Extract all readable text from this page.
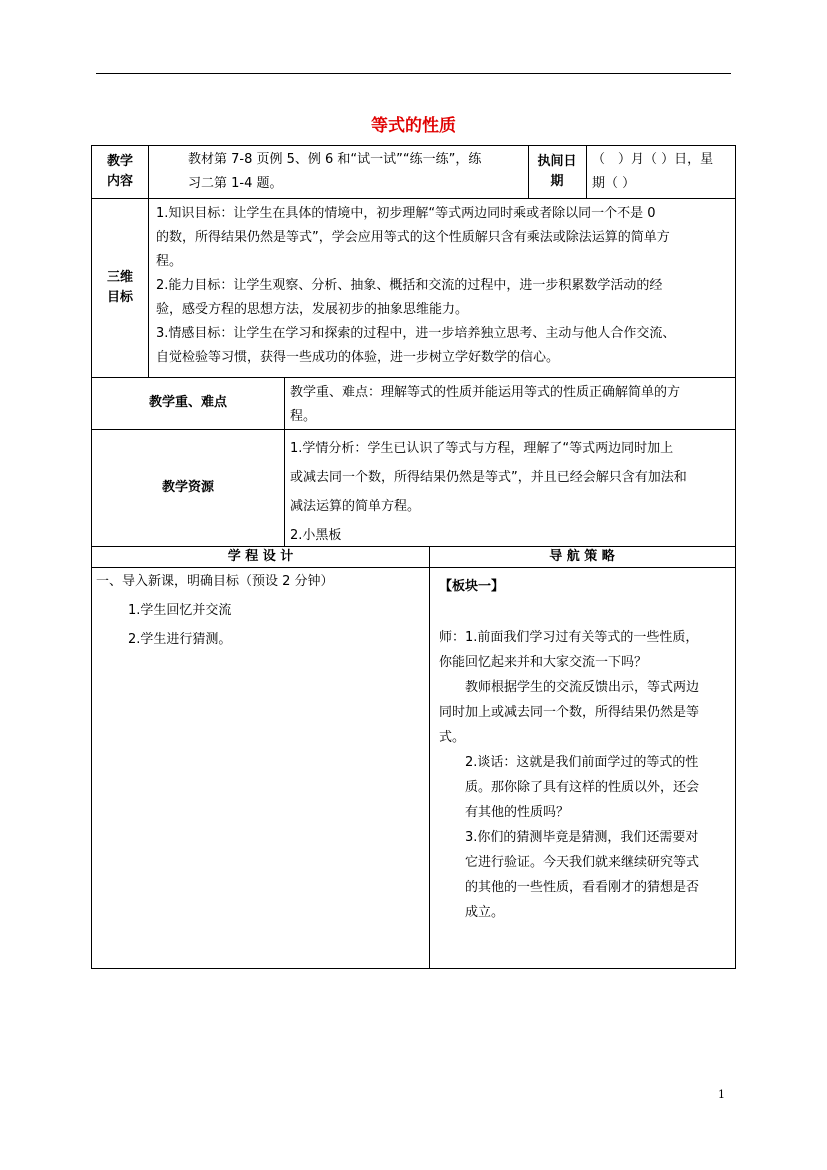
等式的性质
教学
内容

教材第 7-8 页例 5、例 6 和“试一试”“练一练”，练

习二第 1-4 题。

执间日
期

（　）月（ ）日，星

期（ ）

三维
目标

1.知识目标：让学生在具体的情境中，初步理解“等式两边同时乘或者除以同一个不是 0

的数，所得结果仍然是等式”，学会应用等式的这个性质解只含有乘法或除法运算的简单方

程。

2.能力目标：让学生观察、分析、抽象、概括和交流的过程中，进一步积累数学活动的经

验，感受方程的思想方法，发展初步的抽象思维能力。

3.情感目标：让学生在学习和探索的过程中，进一步培养独立思考、主动与他人合作交流、

自觉检验等习惯，获得一些成功的体验，进一步树立学好数学的信心。

教学重、难点

教学重、难点：理解等式的性质并能运用等式的性质正确解简单的方

程。

教学资源

1.学情分析：学生已认识了等式与方程，理解了“等式两边同时加上

或减去同一个数，所得结果仍然是等式”，并且已经会解只含有加法和

减法运算的简单方程。

2.小黑板

学 程 设 计	导 航 策 略

一、导入新课，明确目标（预设 2 分钟）

1.学生回忆并交流

2.学生进行猜测。

【板块一】

师：1.前面我们学习过有关等式的一些性质，

你能回忆起来并和大家交流一下吗？

教师根据学生的交流反馈出示，等式两边

同时加上或减去同一个数，所得结果仍然是等

式。

2.谈话：这就是我们前面学过的等式的性

质。那你除了具有这样的性质以外，还会

有其他的性质吗？

3.你们的猜测毕竟是猜测，我们还需要对

它进行验证。今天我们就来继续研究等式

的其他的一些性质，看看刚才的猜想是否

成立。

1
